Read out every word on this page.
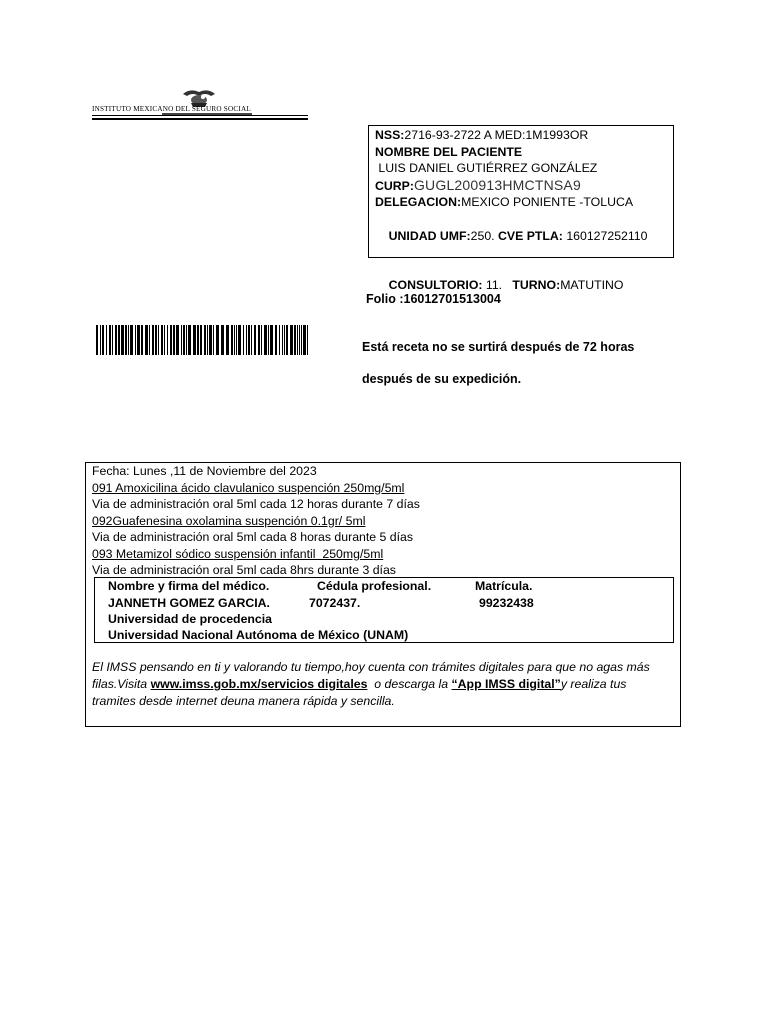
INSTITUTO MEXICANO DEL SEGURO SOCIAL
NSS:2716-93-2722 A MED:1M1993OR
NOMBRE DEL PACIENTE
LUIS DANIEL GUTIÉRREZ GONZÁLEZ
CURP:GUGL200913HMCTNSA9
DELEGACION:MEXICO PONIENTE -TOLUCA

UNIDAD UMF:250. CVE PTLA: 160127252110

CONSULTORIO: 11.   TURNO:MATUTINO

Folio :16012701513004
Está receta no se surtirá después de 72 horas
después de su expedición.
Fecha: Lunes ,11 de Noviembre del 2023
091 Amoxicilina ácido clavulanico suspención 250mg/5ml
Via de administración oral 5ml cada 12 horas durante 7 días
092Guafenesina oxolamina suspención 0.1gr/ 5ml
Via de administración oral 5ml cada 8 horas durante 5 días
093 Metamizol sódico suspensión infantil  250mg/5ml
Via de administración oral 5ml cada 8hrs durante 3 días
Nombre y firma del médico.	Cédula profesional.	Matrícula.
JANNETH GOMEZ GARCIA.	7072437.	99232438
Universidad de procedencia
Universidad Nacional Autónoma de México (UNAM)
El IMSS pensando en ti y valorando tu tiempo,hoy cuenta con trámites digitales para que no agas más filas.Visita www.imss.gob.mx/servicios digitales  o descarga la “App IMSS digital”y realiza tus tramites desde internet deuna manera rápida y sencilla.
